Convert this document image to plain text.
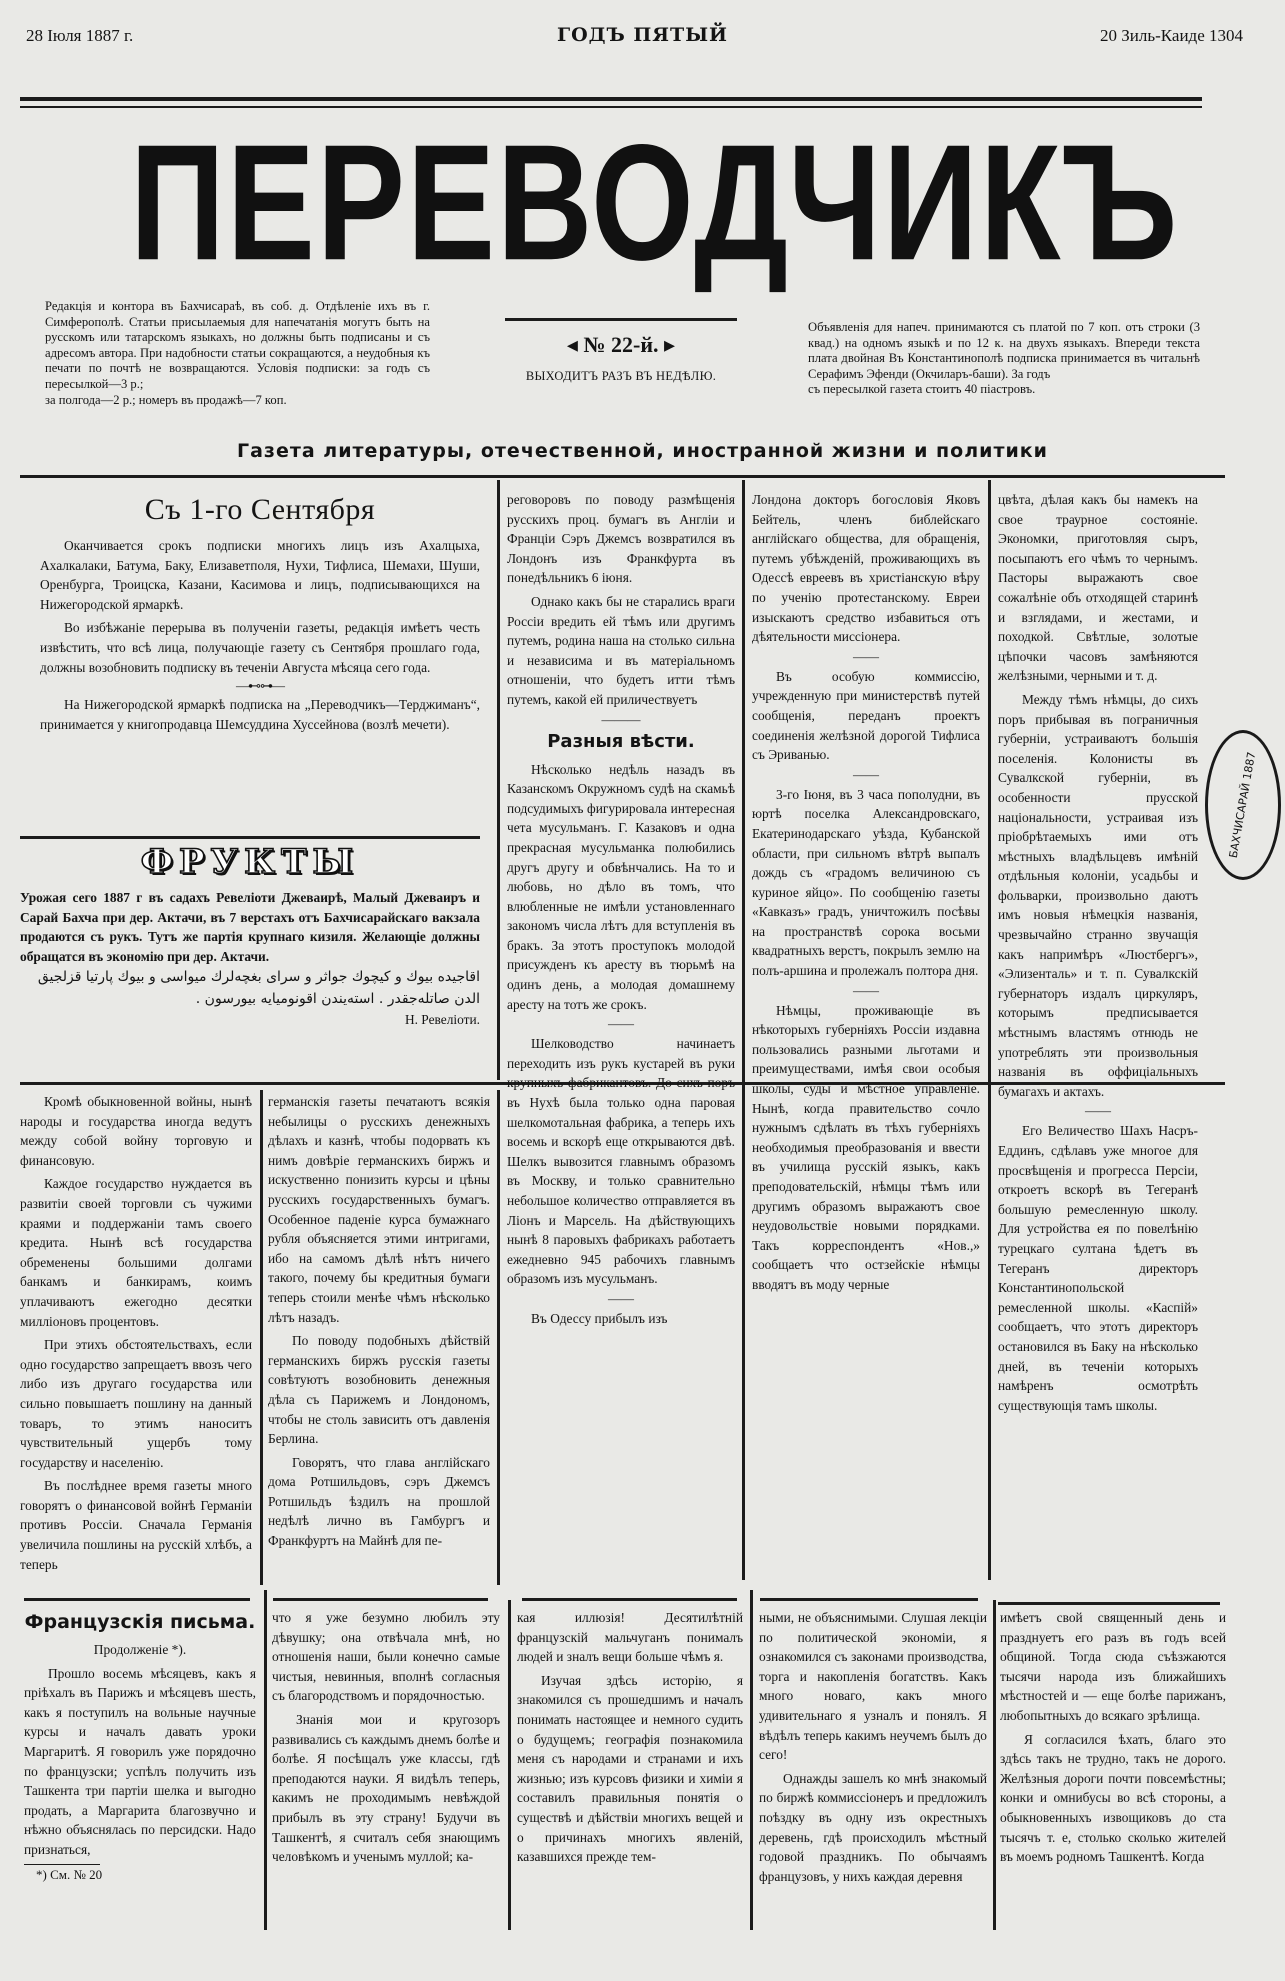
28 Іюля 1887 г.	ГОДЪ ПЯТЫЙ	20 Зиль-Каиде 1304
ПЕРЕВОДЧИКЪ

Редакція и контора въ Бахчисараѣ, въ соб. д. Отдѣленіе ихъ въ г. Симферополѣ. Статьи присылаемыя для напечатанія могутъ быть на русскомъ или татарскомъ языкахъ, но должны быть подписаны и съ адресомъ автора. При надобности статьи сокращаются, а неудобныя къ печати по почтѣ не возвращаются. Условія подписки: за годъ съ пересылкой—3 р.;

за полгода—2 р.; номеръ въ продажѣ—7 коп.

◂ № 22-й. ▸
ВЫХОДИТЪ РАЗЪ ВЪ НЕДѢЛЮ.

Объявленія для напеч. принимаются съ платой по 7 коп. отъ строки (3 квад.) на одномъ языкѣ и по 12 к. на двухъ языкахъ. Впереди текста плата двойная Въ Константинополѣ подписка принимается въ читальнѣ Серафимъ Эфенди (Окчиларъ-баши). За годъ

съ пересылкой газета стоитъ 40 піастровъ.

Газета литературы, отечественной, иностранной жизни и политики
Съ 1-го Сентября

Оканчивается срокъ подписки многихъ лицъ изъ Ахалцыха, Ахалкалаки, Батума, Баку, Елизаветполя, Нухи, Тифлиса, Шемахи, Шуши, Оренбурга, Троицска, Казани, Касимова и лицъ, подписывающихся на Нижегородской ярмаркѣ.

Во избѣжаніе перерыва въ полученіи газеты, редакція имѣетъ честь извѣстить, что всѣ лица, получающіе газету съ Сентября прошлаго года, должны возобновить подписку въ теченіи Августа мѣсяца сего года.

—⊷⊶—

На Нижегородской ярмаркѣ подписка на „Переводчикъ—Терджиманъ“, принимается у книгопродавца Шемсуддина Хуссейнова (возлѣ мечети).

ФРУКТЫ

Урожая сего 1887 г въ садахъ Ревеліоти Джеваирѣ, Малый Джеваиръ и Сарай Бахча при дер. Актачи, въ 7 верстахъ отъ Бахчисарайскаго вакзала продаются съ рукъ. Тутъ же партія крупнаго кизиля. Желающіе должны обращатся въ экономію при дер. Актачи.

اقاجيده بيوك و كيچوك جواثر و سراى بغچه‌لرك ميواسى و بيوك پارتيا قزلجيق الدن صاتلەجقدر . استەيندن اقونوميايه بيورسون .
Н. Ревеліоти.

реговоровъ по поводу размѣщенія русскихъ проц. бумагъ въ Англіи и Франціи Сэръ Джемсъ возвратился въ Лондонъ изъ Франкфурта въ понедѣльникъ 6 іюня.

Однако какъ бы не старались враги Россіи вредить ей тѣмъ или другимъ путемъ, родина наша на столько сильна и независима и въ матеріальномъ отношеніи, что будетъ итти тѣмъ путемъ, какой ей приличествуетъ

———
Разныя вѣсти.

Нѣсколько недѣль назадъ въ Казанскомъ Окружномъ судѣ на скамьѣ подсудимыхъ фигурировала интересная чета мусульманъ. Г. Казаковъ и одна прекрасная мусульманка полюбились другъ другу и обвѣнчались. На то и любовь, но дѣло въ томъ, что влюбленные не имѣли установленнаго закономъ числа лѣтъ для вступленія въ бракъ. За этотъ проступокъ молодой присужденъ къ аресту въ тюрьмѣ на одинъ день, а молодая домашнему аресту на тотъ же срокъ.

——

Шелководство начинаетъ переходить изъ рукъ кустарей въ руки крупныхъ фабрикантовъ. До сихъ поръ въ Нухѣ была только одна паровая шелкомотальная фабрика, а теперь ихъ восемь и вскорѣ еще открываются двѣ. Шелкъ вывозится главнымъ образомъ въ Москву, и только сравнительно небольшое количество отправляется въ Ліонъ и Марсель. На дѣйствующихъ нынѣ 8 паровыхъ фабрикахъ работаетъ ежедневно 945 рабочихъ главнымъ образомъ изъ мусульманъ.

——

Въ Одессу прибылъ изъ

Лондона докторъ богословія Яковъ Бейтель, членъ библейскаго англійскаго общества, для обращенія, путемъ убѣжденій, проживающихъ въ Одессѣ евреевъ въ христіанскую вѣру по ученію протестанскому. Евреи изыскаютъ средство избавиться отъ дѣятельности миссіонера.

——

Въ особую коммиссію, учрежденную при министерствѣ путей сообщенія, переданъ проектъ соединенія желѣзной дорогой Тифлиса съ Эриванью.

——

3-го Іюня, въ 3 часа пополудни, въ юртѣ поселка Александровскаго, Екатеринодарскаго уѣзда, Кубанской области, при сильномъ вѣтрѣ выпалъ дождь съ «градомъ величиною съ куриное яйцо». По сообщенію газеты «Кавказъ» градъ, уничтожилъ посѣвы на пространствѣ сорока восьми квадратныхъ верстъ, покрылъ землю на полъ-аршина и пролежалъ полтора дня.

——

Нѣмцы, проживающіе въ нѣкоторыхъ губерніяхъ Россіи издавна пользовались разными льготами и преимуществами, имѣя свои особыя школы, суды и мѣстное управленіе. Нынѣ, когда правительство сочло нужнымъ сдѣлать въ тѣхъ губерніяхъ необходимыя преобразованія и ввести въ училища русскій языкъ, какъ преподовательскій, нѣмцы тѣмъ или другимъ образомъ выражаютъ свое неудовольствіе новыми порядками. Такъ корреспондентъ «Нов.,» сообщаетъ что остзейскіе нѣмцы вводятъ въ моду черные

цвѣта, дѣлая какъ бы намекъ на свое траурное состояніе. Экономки, приготовляя сыръ, посыпаютъ его чѣмъ то чернымъ. Пасторы выражаютъ свое сожалѣніе объ отходящей старинѣ и взглядами, и жестами, и походкой. Свѣтлые, золотые цѣпочки часовъ замѣняются желѣзными, черными и т. д.

Между тѣмъ нѣмцы, до сихъ поръ прибывая въ пограничныя губерніи, устраиваютъ большія поселенія. Колонисты въ Сувалкской губерніи, въ особенности прусской національности, устраивая изъ пріобрѣтаемыхъ ими отъ мѣстныхъ владѣльцевъ имѣній отдѣльныя колоніи, усадьбы и фольварки, произвольно даютъ имъ новыя нѣмецкія названія, чрезвычайно странно звучащія какъ напримѣръ «Люстбергъ», «Элизенталь» и т. п. Сувалкскій губернаторъ издалъ циркуляръ, которымъ предписывается мѣстнымъ властямъ отнюдь не употреблять эти произвольныя названія въ оффиціальныхъ бумагахъ и актахъ.

——

Его Величество Шахъ Насръ-Еддинъ, сдѣлавъ уже многое для просвѣщенія и прогресса Персіи, откроетъ вскорѣ въ Тегеранѣ большую ремесленную школу. Для устройства ея по повелѣнію турецкаго султана ѣдетъ въ Тегеранъ директоръ Константинопольской ремесленной школы. «Каспій» сообщаетъ, что этотъ директоръ остановился въ Баку на нѣсколько дней, въ теченіи которыхъ намѣренъ осмотрѣть существующія тамъ школы.

Кромѣ обыкновенной войны, нынѣ народы и государства иногда ведутъ между собой войну торговую и финансовую.

Каждое государство нуждается въ развитіи своей торговли съ чужими краями и поддержаніи тамъ своего кредита. Нынѣ всѣ государства обременены большими долгами банкамъ и банкирамъ, коимъ уплачиваютъ ежегодно десятки милліоновъ процентовъ.

При этихъ обстоятельствахъ, если одно государство запрещаетъ ввозъ чего либо изъ другаго государства или сильно повышаетъ пошлину на данный товаръ, то этимъ наноситъ чувствительный ущербъ тому государству и населенію.

Въ послѣднее время газеты много говорятъ о финансовой войнѣ Германіи противъ Россіи. Сначала Германія увеличила пошлины на русскій хлѣбъ, а теперь

германскія газеты печатаютъ всякія небылицы о русскихъ денежныхъ дѣлахъ и казнѣ, чтобы подорвать къ нимъ довѣріе германскихъ биржъ и искуственно понизить курсы и цѣны русскихъ государственныхъ бумагъ. Особенное паденіе курса бумажнаго рубля объясняется этими интригами, ибо на самомъ дѣлѣ нѣтъ ничего такого, почему бы кредитныя бумаги теперь стоили менѣе чѣмъ нѣсколько лѣтъ назадъ.

По поводу подобныхъ дѣйствій германскихъ биржъ русскія газеты совѣтуютъ возобновить денежныя дѣла съ Парижемъ и Лондономъ, чтобы не столь зависить отъ давленія Берлина.

Говорятъ, что глава англійскаго дома Ротшильдовъ, сэръ Джемсъ Ротшильдъ ѣздилъ на прошлой недѣлѣ лично въ Гамбургъ и Франкфуртъ на Майнѣ для пе-

Французскія письма.
Продолженіе *).

Прошло восемь мѣсяцевъ, какъ я пріѣхалъ въ Парижъ и мѣсяцевъ шесть, какъ я поступилъ на вольные научные курсы и началъ давать уроки Маргаритѣ. Я говорилъ уже порядочно по французски; успѣлъ получить изъ Ташкента три партіи шелка и выгодно продать, а Маргарита благозвучно и нѣжно объяснялась по персидски. Надо признаться,

*) См. № 20

что я уже безумно любилъ эту дѣвушку; она отвѣчала мнѣ, но отношенія наши, были конечно самые чистыя, невинныя, вполнѣ согласныя съ благородствомъ и порядочностью.

Знанія мои и кругозоръ развивались съ каждымъ днемъ болѣе и болѣе. Я посѣщалъ уже классы, гдѣ преподаются науки. Я видѣлъ теперь, какимъ не проходимымъ невѣждой прибылъ въ эту страну! Будучи въ Ташкентѣ, я считалъ себя знающимъ человѣкомъ и ученымъ муллой; ка-

кая иллюзія! Десятилѣтній французскій мальчуганъ понималъ людей и зналъ вещи больше чѣмъ я.

Изучая здѣсь исторію, я знакомился съ прошедшимъ и началъ понимать настоящее и немного судить о будущемъ; географія познакомила меня съ народами и странами и ихъ жизнью; изъ курсовъ физики и химіи я составилъ правильныя понятія о существѣ и дѣйствіи многихъ вещей и о причинахъ многихъ явленій, казавшихся прежде тем-

ными, не объяснимыми. Слушая лекціи по политической экономіи, я ознакомился съ законами производства, торга и накопленія богатствъ. Какъ много новаго, какъ много удивительнаго я узналъ и понялъ. Я вѣдѣлъ теперь какимъ неучемъ былъ до сего!

Однажды зашелъ ко мнѣ знакомый по биржѣ коммиссіонеръ и предложилъ поѣздку въ одну изъ окрестныхъ деревень, гдѣ происходилъ мѣстный годовой праздникъ. По обычаямъ французовъ, у нихъ каждая деревня

имѣетъ свой священный день и празднуетъ его разъ въ годъ всей общиной. Тогда сюда съѣзжаются тысячи народа изъ ближайшихъ мѣстностей и — еще болѣе парижанъ, любопытныхъ до всякаго зрѣлища.

Я согласился ѣхать, благо это здѣсь такъ не трудно, такъ не дорого. Желѣзныя дороги почти повсемѣстны; конки и омнибусы во всѣ стороны, а обыкновенныхъ извощиковъ до ста тысячъ т. е, столько сколько жителей въ моемъ родномъ Ташкентѣ. Когда

БАХЧИСАРАЙ 1887
